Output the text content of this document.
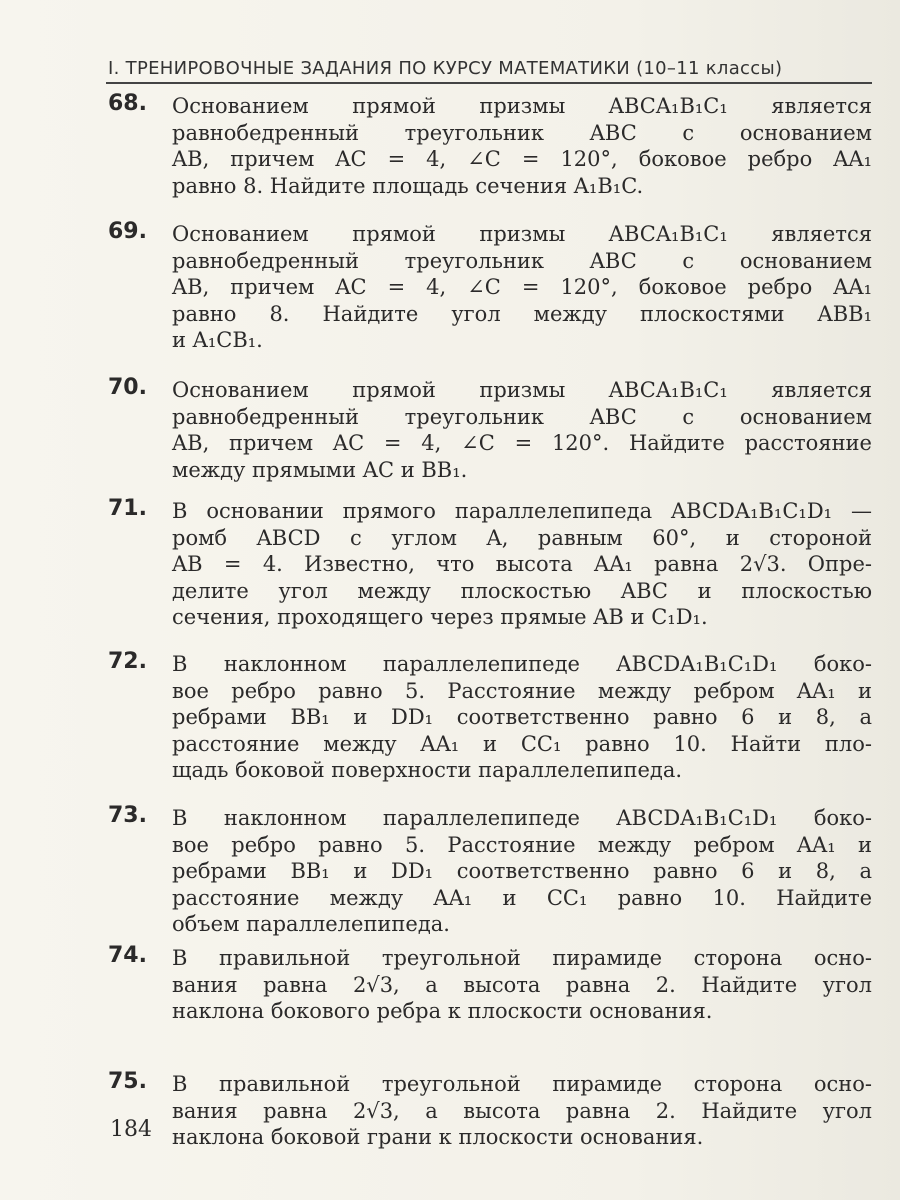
I. ТРЕНИРОВОЧНЫЕ ЗАДАНИЯ ПО КУРСУ МАТЕМАТИКИ (10–11 классы)
68. Основанием прямой призмы ABCA₁B₁C₁ является
равнобедренный треугольник ABC с основанием
AB, причем AC = 4, ∠C = 120°, боковое ребро AA₁
равно 8. Найдите площадь сечения A₁B₁C.
69. Основанием прямой призмы ABCA₁B₁C₁ является
равнобедренный треугольник ABC с основанием
AB, причем AC = 4, ∠C = 120°, боковое ребро AA₁
равно 8. Найдите угол между плоскостями ABB₁
и A₁CB₁.
70. Основанием прямой призмы ABCA₁B₁C₁ является
равнобедренный треугольник ABC с основанием
AB, причем AC = 4, ∠C = 120°. Найдите расстояние
между прямыми AC и BB₁.
71. В основании прямого параллелепипеда ABCDA₁B₁C₁D₁ —
ромб ABCD с углом A, равным 60°, и стороной
AB = 4. Известно, что высота AA₁ равна 2√3. Опре-
делите угол между плоскостью ABC и плоскостью
сечения, проходящего через прямые AB и C₁D₁.
72. В наклонном параллелепипеде ABCDA₁B₁C₁D₁ боко-
вое ребро равно 5. Расстояние между ребром AA₁ и
ребрами BB₁ и DD₁ соответственно равно 6 и 8, а
расстояние между AA₁ и CC₁ равно 10. Найти пло-
щадь боковой поверхности параллелепипеда.
73. В наклонном параллелепипеде ABCDA₁B₁C₁D₁ боко-
вое ребро равно 5. Расстояние между ребром AA₁ и
ребрами BB₁ и DD₁ соответственно равно 6 и 8, а
расстояние между AA₁ и CC₁ равно 10. Найдите
объем параллелепипеда.
74. В правильной треугольной пирамиде сторона осно-
вания равна 2√3, а высота равна 2. Найдите угол
наклона бокового ребра к плоскости основания.
75. В правильной треугольной пирамиде сторона осно-
вания равна 2√3, а высота равна 2. Найдите угол
наклона боковой грани к плоскости основания.
184
